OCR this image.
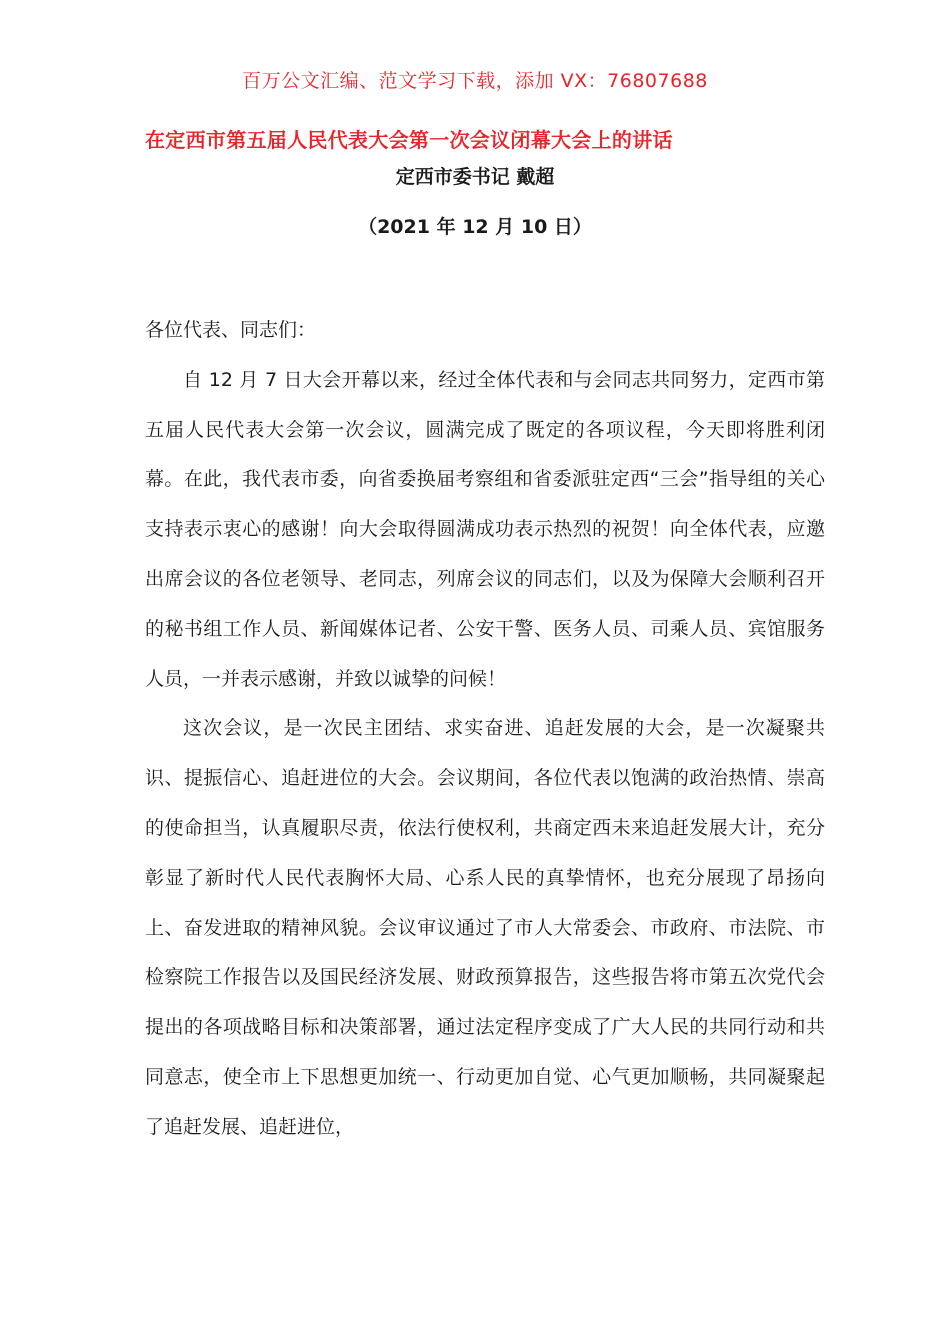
百万公文汇编、范文学习下载，添加 VX：76807688
在定西市第五届人民代表大会第一次会议闭幕大会上的讲话
定西市委书记 戴超
（2021 年 12 月 10 日）

各位代表、同志们：

自 12 月 7 日大会开幕以来，经过全体代表和与会同志共同努力，定西市第五届人民代表大会第一次会议，圆满完成了既定的各项议程，今天即将胜利闭幕。在此，我代表市委，向省委换届考察组和省委派驻定西“三会”指导组的关心支持表示衷心的感谢！向大会取得圆满成功表示热烈的祝贺！向全体代表，应邀出席会议的各位老领导、老同志，列席会议的同志们，以及为保障大会顺利召开的秘书组工作人员、新闻媒体记者、公安干警、医务人员、司乘人员、宾馆服务人员，一并表示感谢，并致以诚挚的问候！

这次会议，是一次民主团结、求实奋进、追赶发展的大会，是一次凝聚共识、提振信心、追赶进位的大会。会议期间，各位代表以饱满的政治热情、崇高的使命担当，认真履职尽责，依法行使权利，共商定西未来追赶发展大计，充分彰显了新时代人民代表胸怀大局、心系人民的真挚情怀，也充分展现了昂扬向上、奋发进取的精神风貌。会议审议通过了市人大常委会、市政府、市法院、市检察院工作报告以及国民经济发展、财政预算报告，这些报告将市第五次党代会提出的各项战略目标和决策部署，通过法定程序变成了广大人民的共同行动和共同意志，使全市上下思想更加统一、行动更加自觉、心气更加顺畅，共同凝聚起了追赶发展、追赶进位，
